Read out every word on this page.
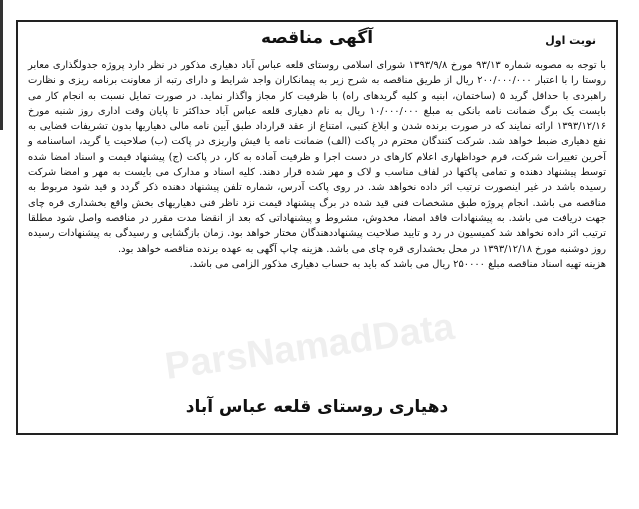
نوبت اول
آگهی مناقصه

با توجه به مصوبه شماره ۹۳/۱۳ مورخ ۱۳۹۳/۹/۸ شورای اسلامی روستای قلعه عباس آباد دهیاری مذکور در نظر دارد پروژه جدولگذاری معابر روستا را با اعتبار ۲۰۰/۰۰۰/۰۰۰ ریال از طریق مناقصه به شرح زیر به پیمانکاران واجد شرایط و دارای رتبه از معاونت برنامه ریزی و نظارت راهبردی با حداقل گرید ۵ (ساختمان، ابنیه و کلیه گریدهای راه) با ظرفیت کار مجاز واگذار نماید. در صورت تمایل نسبت به انجام کار می بایست یک برگ ضمانت نامه بانکی به مبلغ ۱۰/۰۰۰/۰۰۰ ریال به نام دهیاری قلعه عباس آباد حداکثر تا پایان وقت اداری روز شنبه مورخ ۱۳۹۳/۱۲/۱۶ ارائه نمایند که در صورت برنده شدن و ابلاغ کتبی، امتناع از عقد قرارداد طبق آیین نامه مالی دهیاریها بدون تشریفات قضایی به نفع دهیاری ضبط خواهد شد. شرکت کنندگان محترم در پاکت (الف) ضمانت نامه یا فیش واریزی در پاکت (ب) صلاحیت یا گرید، اساسنامه و آخرین تغییرات شرکت، فرم خوداظهاری اعلام کارهای در دست اجرا و ظرفیت آماده به کار، در پاکت (ج) پیشنهاد قیمت و اسناد امضا شده توسط پیشنهاد دهنده و تمامی پاکتها در لفاف مناسب و لاک و مهر شده قرار دهند. کلیه اسناد و مدارک می بایست به مهر و امضا شرکت رسیده باشد در غیر اینصورت ترتیب اثر داده نخواهد شد. در روی پاکت آدرس، شماره تلفن پیشنهاد دهنده ذکر گردد و قید شود مربوط به مناقصه می باشد. انجام پروژه طبق مشخصات فنی قید شده در برگ پیشنهاد قیمت نزد ناظر فنی دهیاریهای بخش واقع بخشداری قره چای جهت دریافت می باشد. به پیشنهادات فاقد امضا، مخدوش، مشروط و پیشنهاداتی که بعد از انقضا مدت مقرر در مناقصه واصل شود مطلقا ترتیب اثر داده نخواهد شد کمیسیون در رد و تایید صلاحیت پیشنهاددهندگان مختار خواهد بود. زمان بازگشایی و رسیدگی به پیشنهادات رسیده روز دوشنبه مورخ ۱۳۹۳/۱۲/۱۸ در محل بخشداری قره چای می باشد. هزینه چاپ آگهی به عهده برنده مناقصه خواهد بود.

هزینه تهیه اسناد مناقصه مبلغ ۲۵۰۰۰۰ ریال می باشد که باید به حساب دهیاری مذکور الزامی می باشد.

ParsNamadData
دهیاری روستای قلعه عباس آباد
